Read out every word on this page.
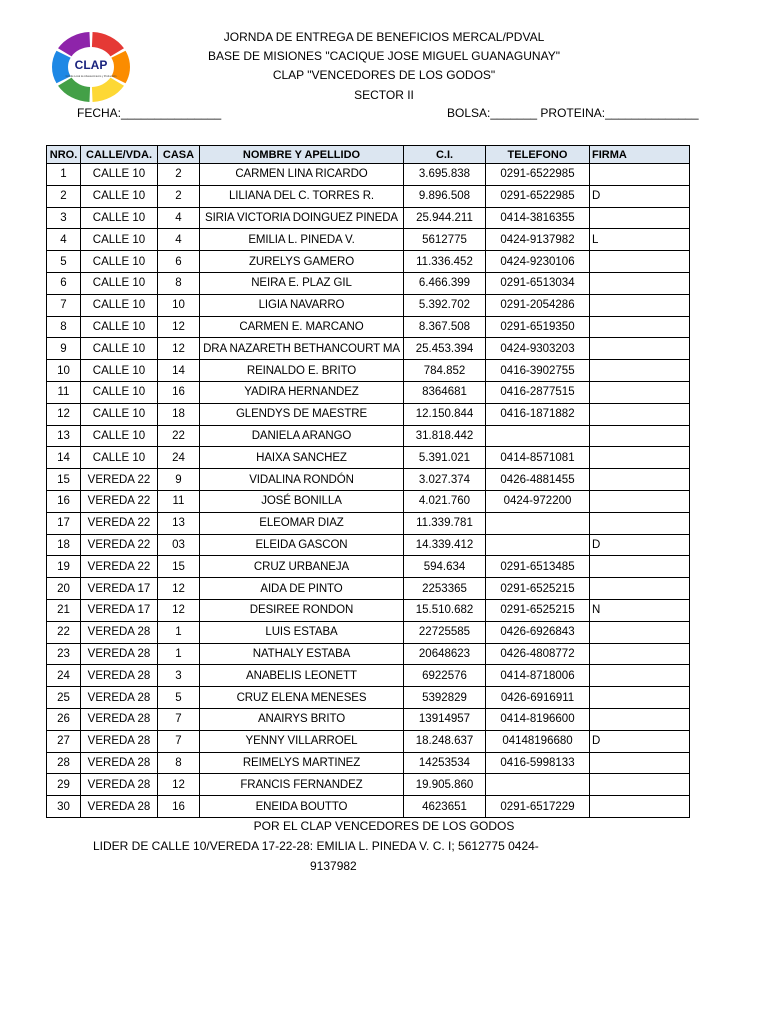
CLAP
Comité Local de Abastecimiento y Producción
JORNDA DE ENTREGA DE BENEFICIOS MERCAL/PDVAL
BASE DE MISIONES "CACIQUE JOSE MIGUEL GUANAGUNAY"
CLAP "VENCEDORES DE LOS GODOS"
SECTOR II
FECHA:_______________	BOLSA:_______ PROTEINA:______________
NRO.	CALLE/VDA.	CASA	NOMBRE Y APELLIDO	C.I.	TELEFONO	FIRMA
1	CALLE 10	2	CARMEN LINA RICARDO	3.695.838	0291-6522985	
2	CALLE 10	2	LILIANA DEL C. TORRES R.	9.896.508	0291-6522985	D
3	CALLE 10	4	SIRIA VICTORIA DOINGUEZ PINEDA	25.944.211	0414-3816355	
4	CALLE 10	4	EMILIA L. PINEDA V.	5612775	0424-9137982	L
5	CALLE 10	6	ZURELYS GAMERO	11.336.452	0424-9230106	
6	CALLE 10	8	NEIRA E. PLAZ GIL	6.466.399	0291-6513034	
7	CALLE 10	10	LIGIA NAVARRO	5.392.702	0291-2054286	
8	CALLE 10	12	CARMEN E. MARCANO	8.367.508	0291-6519350	
9	CALLE 10	12	DRA NAZARETH BETHANCOURT MA	25.453.394	0424-9303203	
10	CALLE 10	14	REINALDO E. BRITO	784.852	0416-3902755	
11	CALLE 10	16	YADIRA HERNANDEZ	8364681	0416-2877515	
12	CALLE 10	18	GLENDYS DE MAESTRE	12.150.844	0416-1871882	
13	CALLE 10	22	DANIELA ARANGO	31.818.442		
14	CALLE 10	24	HAIXA SANCHEZ	5.391.021	0414-8571081	
15	VEREDA 22	9	VIDALINA RONDÓN	3.027.374	0426-4881455	
16	VEREDA 22	11	JOSÉ BONILLA	4.021.760	0424-972200	
17	VEREDA 22	13	ELEOMAR DIAZ	11.339.781		
18	VEREDA 22	03	ELEIDA GASCON	14.339.412		D
19	VEREDA 22	15	CRUZ URBANEJA	594.634	0291-6513485	
20	VEREDA 17	12	AIDA DE PINTO	2253365	0291-6525215	
21	VEREDA 17	12	DESIREE RONDON	15.510.682	0291-6525215	N
22	VEREDA 28	1	LUIS ESTABA	22725585	0426-6926843	
23	VEREDA 28	1	NATHALY ESTABA	20648623	0426-4808772	
24	VEREDA 28	3	ANABELIS LEONETT	6922576	0414-8718006	
25	VEREDA 28	5	CRUZ ELENA MENESES	5392829	0426-6916911	
26	VEREDA 28	7	ANAIRYS BRITO	13914957	0414-8196600	
27	VEREDA 28	7	YENNY VILLARROEL	18.248.637	04148196680	D
28	VEREDA 28	8	REIMELYS MARTINEZ	14253534	0416-5998133	
29	VEREDA 28	12	FRANCIS FERNANDEZ	19.905.860		
30	VEREDA 28	16	ENEIDA BOUTTO	4623651	0291-6517229	
POR EL CLAP VENCEDORES DE LOS GODOS
LIDER DE CALLE 10/VEREDA 17-22-28: EMILIA L. PINEDA V. C. I; 5612775 0424-
9137982
